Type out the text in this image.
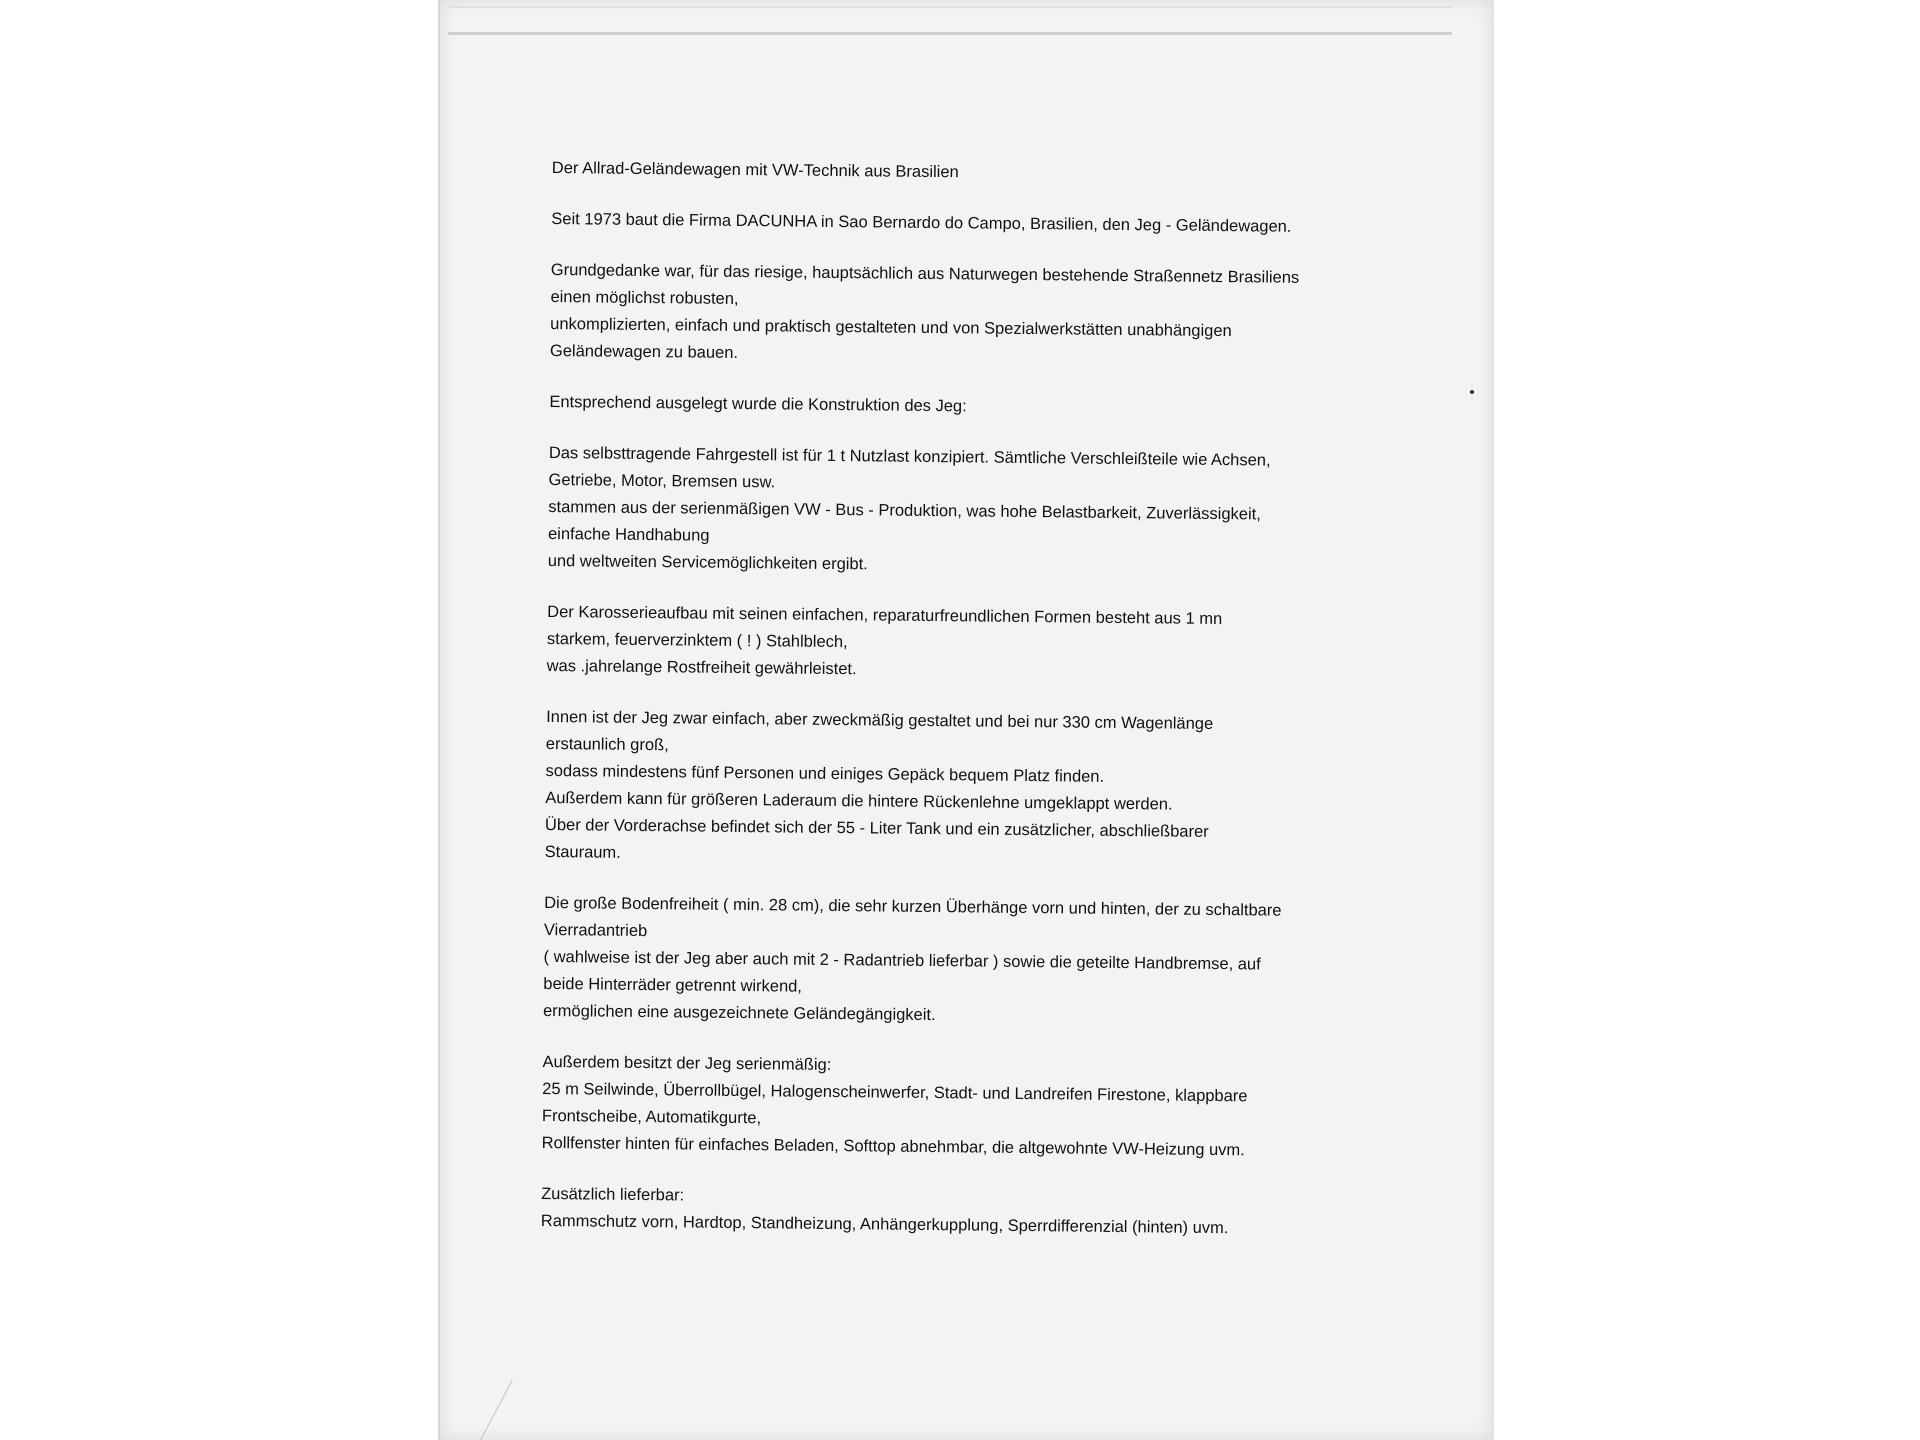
Der Allrad-Geländewagen mit VW-Technik aus Brasilien
Seit 1973 baut die Firma DACUNHA in Sao Bernardo do Campo, Brasilien, den Jeg - Geländewagen.
Grundgedanke war, für das riesige, hauptsächlich aus Naturwegen bestehende Straßennetz Brasiliens
einen möglichst robusten,
unkomplizierten, einfach und praktisch gestalteten und von Spezialwerkstätten unabhängigen
Geländewagen zu bauen.
Entsprechend ausgelegt wurde die Konstruktion des Jeg:
Das selbsttragende Fahrgestell ist für 1 t Nutzlast konzipiert. Sämtliche Verschleißteile wie Achsen,
Getriebe, Motor, Bremsen usw.
stammen aus der serienmäßigen VW - Bus - Produktion, was hohe Belastbarkeit, Zuverlässigkeit,
einfache Handhabung
und weltweiten Servicemöglichkeiten ergibt.
Der Karosserieaufbau mit seinen einfachen, reparaturfreundlichen Formen besteht aus 1 mn
starkem, feuerverzinktem ( ! ) Stahlblech,
was .jahrelange Rostfreiheit gewährleistet.
Innen ist der Jeg zwar einfach, aber zweckmäßig gestaltet und bei nur 330 cm Wagenlänge
erstaunlich groß,
sodass mindestens fünf Personen und einiges Gepäck bequem Platz finden.
Außerdem kann für größeren Laderaum die hintere Rückenlehne umgeklappt werden.
Über der Vorderachse befindet sich der 55 - Liter Tank und ein zusätzlicher, abschließbarer
Stauraum.
Die große Bodenfreiheit ( min. 28 cm), die sehr kurzen Überhänge vorn und hinten, der zu schaltbare
Vierradantrieb
( wahlweise ist der Jeg aber auch mit 2 - Radantrieb lieferbar ) sowie die geteilte Handbremse, auf
beide Hinterräder getrennt wirkend,
ermöglichen eine ausgezeichnete Geländegängigkeit.
Außerdem besitzt der Jeg serienmäßig:
25 m Seilwinde, Überrollbügel, Halogenscheinwerfer, Stadt- und Landreifen Firestone, klappbare
Frontscheibe, Automatikgurte,
Rollfenster hinten für einfaches Beladen, Softtop abnehmbar, die altgewohnte VW-Heizung uvm.
Zusätzlich lieferbar:
Rammschutz vorn, Hardtop, Standheizung, Anhängerkupplung, Sperrdifferenzial (hinten) uvm.
